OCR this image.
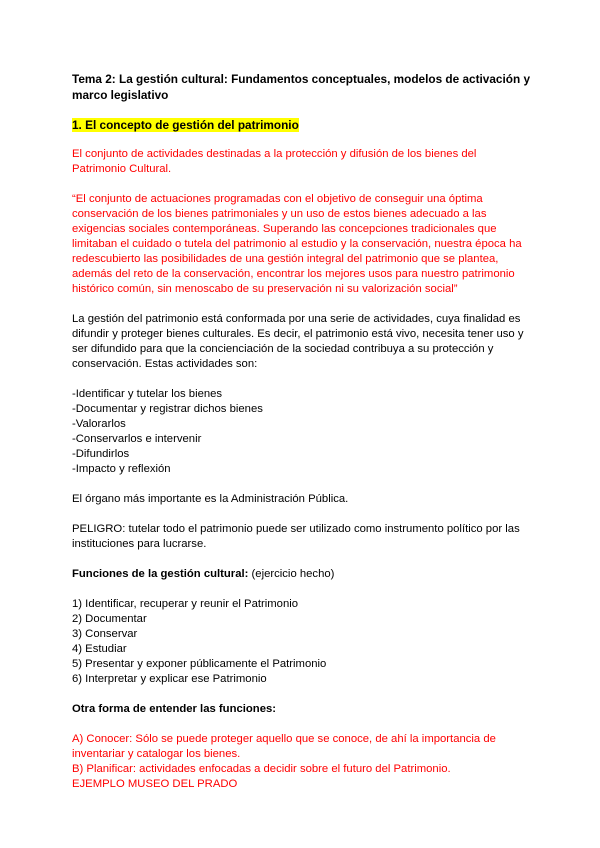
Tema 2: La gestión cultural: Fundamentos conceptuales, modelos de activación y marco legislativo

1. El concepto de gestión del patrimonio

El conjunto de actividades destinadas a la protección y difusión de los bienes del Patrimonio Cultural.

“El conjunto de actuaciones programadas con el objetivo de conseguir una óptima conservación de los bienes patrimoniales y un uso de estos bienes adecuado a las exigencias sociales contemporáneas. Superando las concepciones tradicionales que limitaban el cuidado o tutela del patrimonio al estudio y la conservación, nuestra época ha redescubierto las posibilidades de una gestión integral del patrimonio que se plantea, además del reto de la conservación, encontrar los mejores usos para nuestro patrimonio histórico común, sin menoscabo de su preservación ni su valorización social”

La gestión del patrimonio está conformada por una serie de actividades, cuya finalidad es difundir y proteger bienes culturales. Es decir, el patrimonio está vivo, necesita tener uso y ser difundido para que la concienciación de la sociedad contribuya a su protección y conservación. Estas actividades son:

-Identificar y tutelar los bienes
-Documentar y registrar dichos bienes
-Valorarlos
-Conservarlos e intervenir
-Difundirlos
-Impacto y reflexión

El órgano más importante es la Administración Pública.

PELIGRO: tutelar todo el patrimonio puede ser utilizado como instrumento político por las instituciones para lucrarse.

Funciones de la gestión cultural: (ejercicio hecho)

1) Identificar, recuperar y reunir el Patrimonio
2) Documentar
3) Conservar
4) Estudiar
5) Presentar y exponer públicamente el Patrimonio
6) Interpretar y explicar ese Patrimonio

Otra forma de entender las funciones:

A) Conocer: Sólo se puede proteger aquello que se conoce, de ahí la importancia de inventariar y catalogar los bienes.

B) Planificar: actividades enfocadas a decidir sobre el futuro del Patrimonio.

EJEMPLO MUSEO DEL PRADO
